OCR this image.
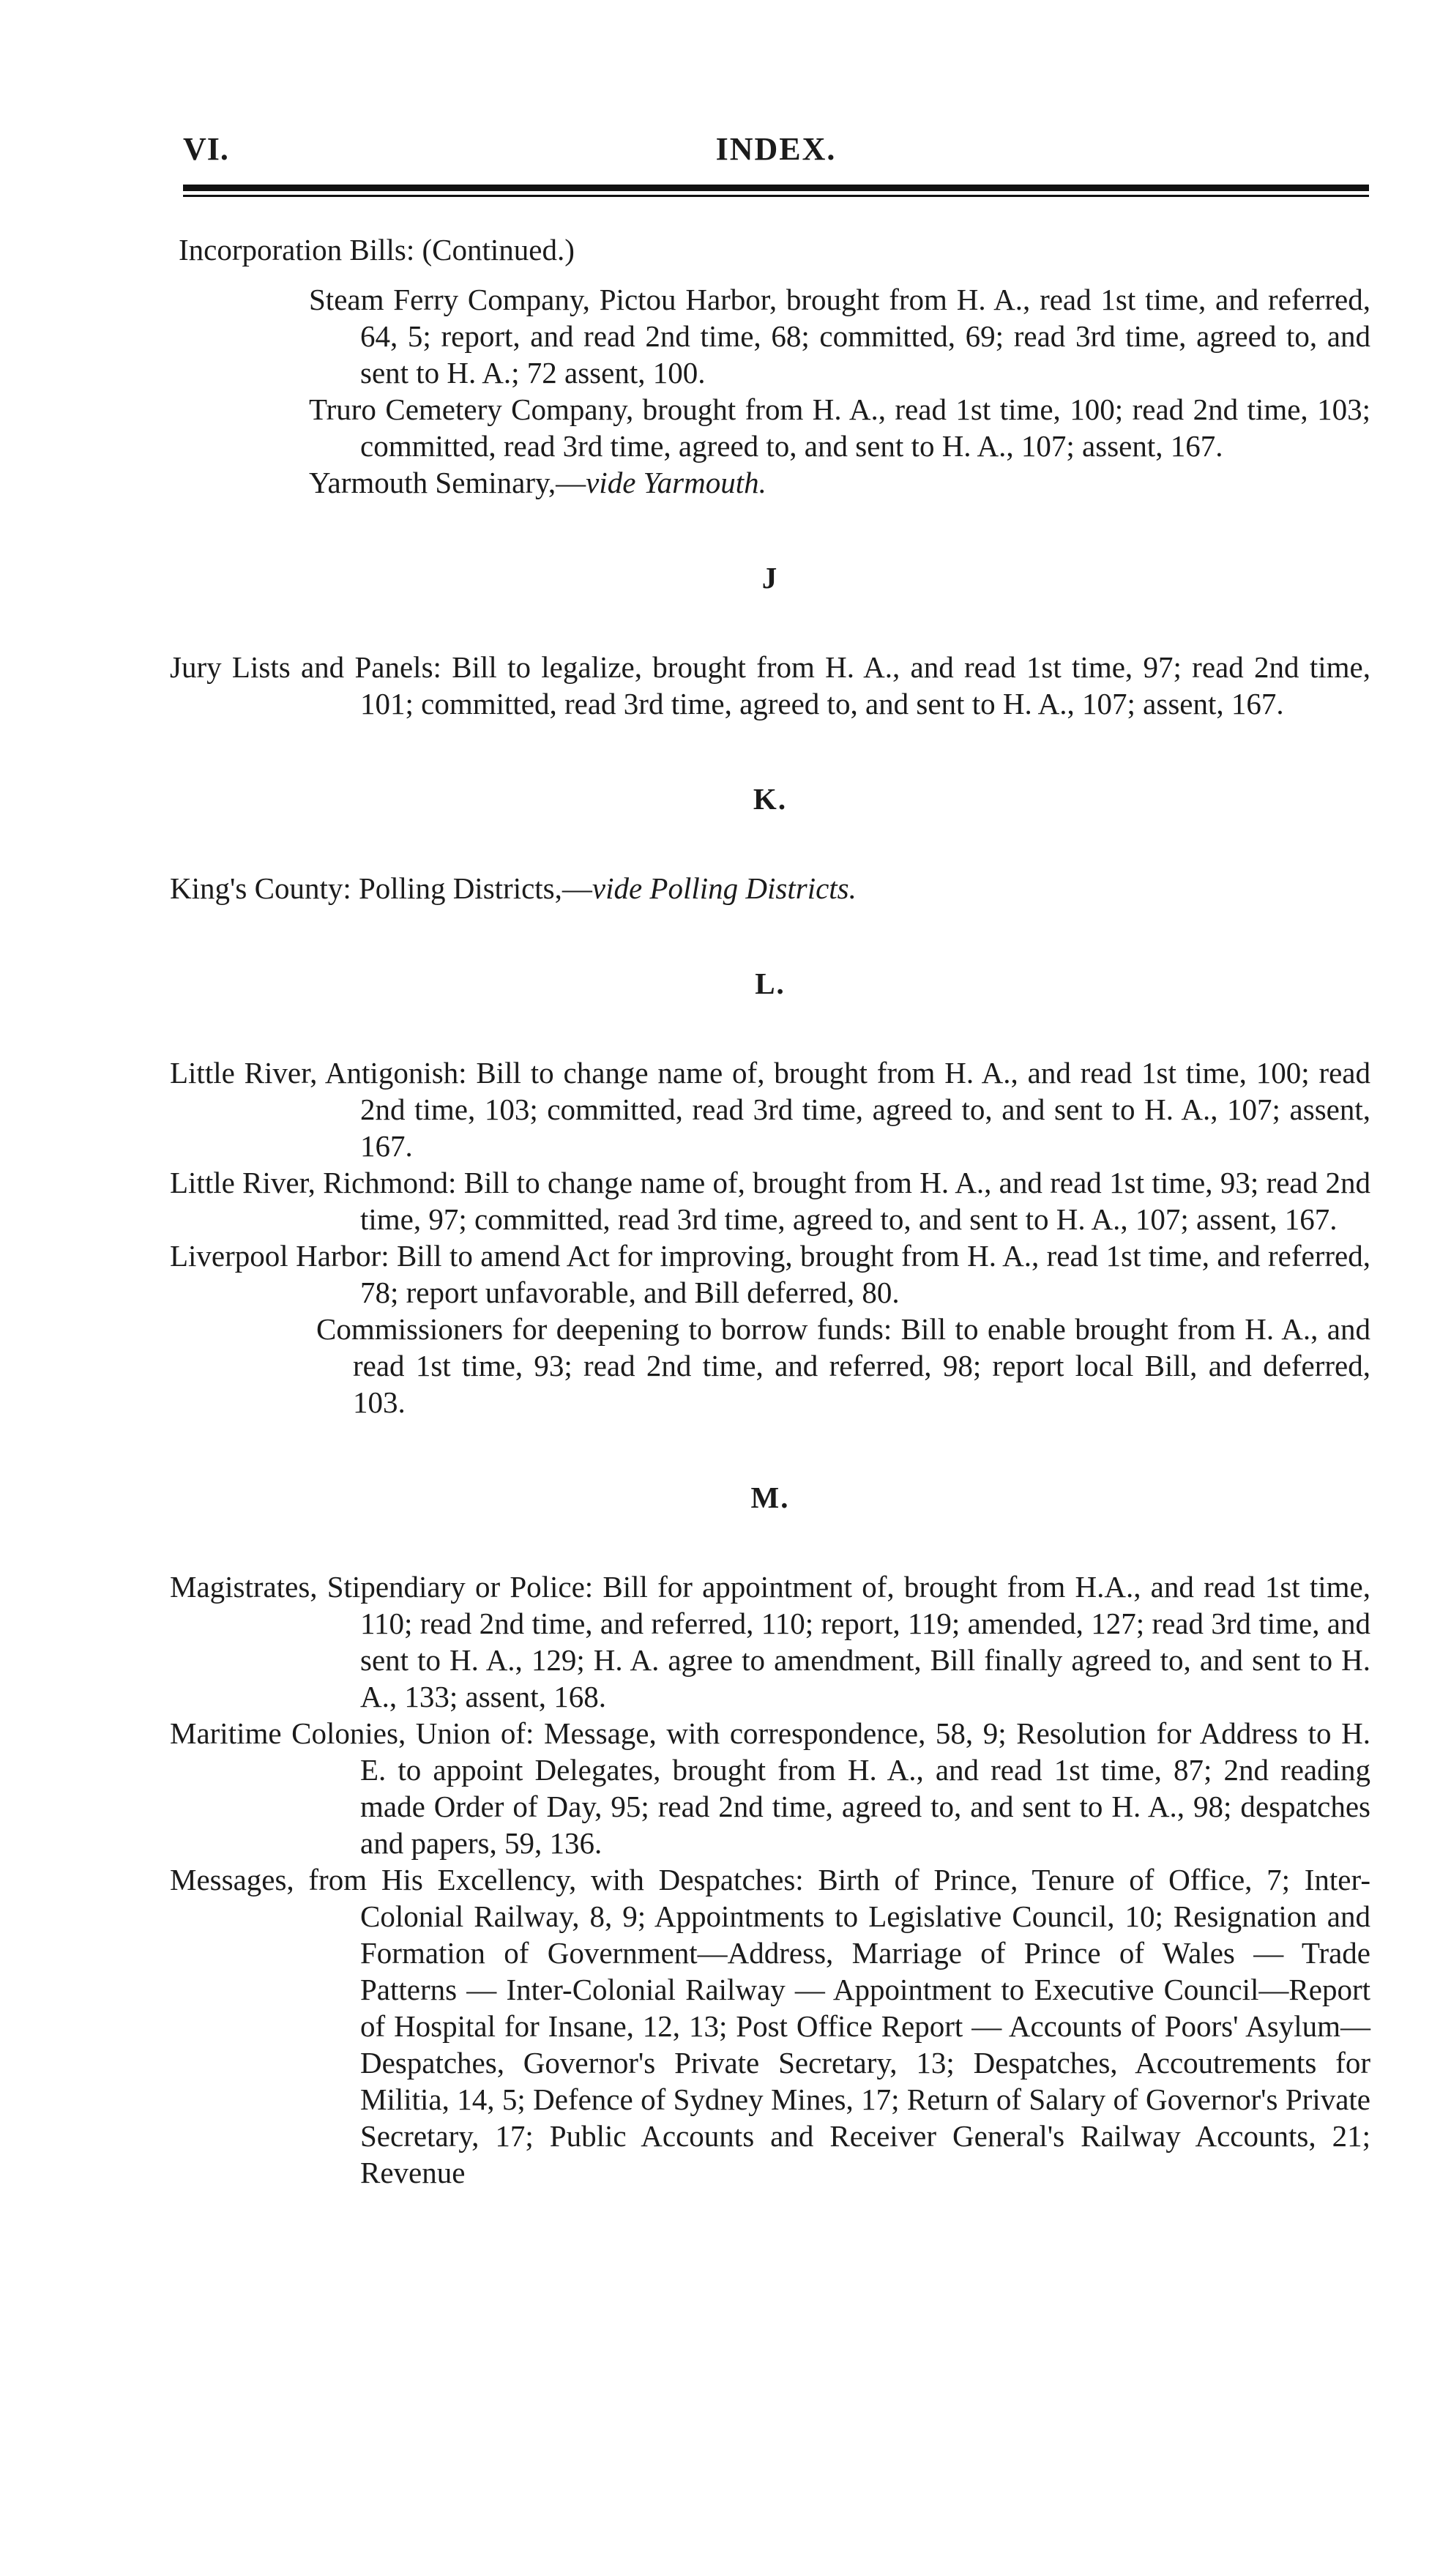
VI.	INDEX.
Incorporation Bills: (Continued.)
Steam Ferry Company, Pictou Harbor, brought from H. A., read 1st time, and referred, 64, 5; report, and read 2nd time, 68; committed, 69; read 3rd time, agreed to, and sent to H. A.; 72 assent, 100.
Truro Cemetery Company, brought from H. A., read 1st time, 100; read 2nd time, 103; committed, read 3rd time, agreed to, and sent to H. A., 107; assent, 167.
Yarmouth Seminary,—vide Yarmouth.
J
Jury Lists and Panels: Bill to legalize, brought from H. A., and read 1st time, 97; read 2nd time, 101; committed, read 3rd time, agreed to, and sent to H. A., 107; assent, 167.
K.
King's County: Polling Districts,—vide Polling Districts.
L.
Little River, Antigonish: Bill to change name of, brought from H. A., and read 1st time, 100; read 2nd time, 103; committed, read 3rd time, agreed to, and sent to H. A., 107; assent, 167.
Little River, Richmond: Bill to change name of, brought from H. A., and read 1st time, 93; read 2nd time, 97; committed, read 3rd time, agreed to, and sent to H. A., 107; assent, 167.
Liverpool Harbor: Bill to amend Act for improving, brought from H. A., read 1st time, and referred, 78; report unfavorable, and Bill deferred, 80.
Commissioners for deepening to borrow funds: Bill to enable brought from H. A., and read 1st time, 93; read 2nd time, and referred, 98; report local Bill, and deferred, 103.
M.
Magistrates, Stipendiary or Police: Bill for appointment of, brought from H.A., and read 1st time, 110; read 2nd time, and referred, 110; report, 119; amended, 127; read 3rd time, and sent to H. A., 129; H. A. agree to amendment, Bill finally agreed to, and sent to H. A., 133; assent, 168.
Maritime Colonies, Union of: Message, with correspondence, 58, 9; Resolution for Address to H. E. to appoint Delegates, brought from H. A., and read 1st time, 87; 2nd reading made Order of Day, 95; read 2nd time, agreed to, and sent to H. A., 98; despatches and papers, 59, 136.
Messages, from His Excellency, with Despatches: Birth of Prince, Tenure of Office, 7; Inter-Colonial Railway, 8, 9; Appointments to Legislative Council, 10; Resignation and Formation of Government—Address, Marriage of Prince of Wales — Trade Patterns — Inter-Colonial Railway — Appointment to Executive Council—Report of Hospital for Insane, 12, 13; Post Office Report — Accounts of Poors' Asylum—Despatches, Governor's Private Secretary, 13; Despatches, Accoutrements for Militia, 14, 5; Defence of Sydney Mines, 17; Return of Salary of Governor's Private Secretary, 17; Public Accounts and Receiver General's Railway Accounts, 21; Revenue
